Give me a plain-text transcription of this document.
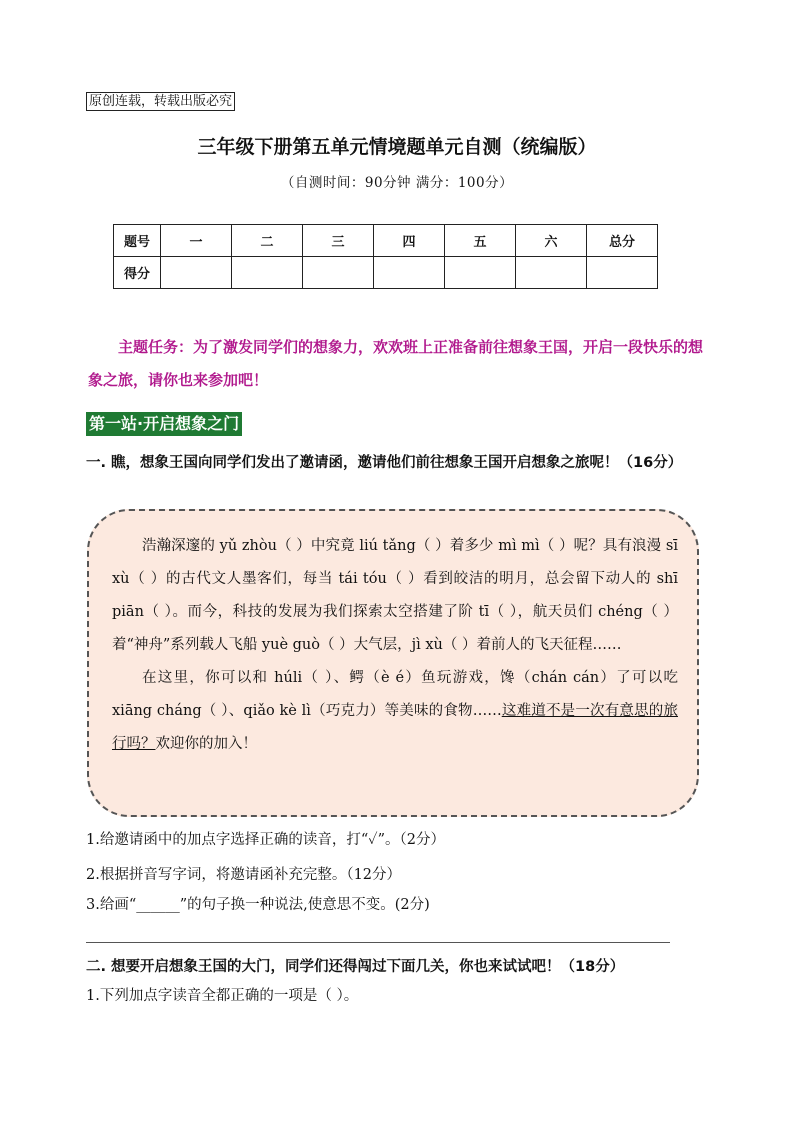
原创连载，转载出版必究
三年级下册第五单元情境题单元自测（统编版）
（自测时间：90分钟 满分：100分）
题号	一	二	三	四	五	六	总分
得分							
主题任务：为了激发同学们的想象力，欢欢班上正准备前往想象王国，开启一段快乐的想象之旅，请你也来参加吧！
第一站·开启想象之门
一. 瞧，想象王国向同学们发出了邀请函，邀请他们前往想象王国开启想象之旅呢！（16分）

浩瀚深邃的 yǔ zhòu（ ）中究竟 liú tǎng（ ）着多少 mì mì（ ）呢？具有浪漫 sī xù（ ）的古代文人墨客们，每当 tái tóu（ ）看到皎洁的明月，总会留下动人的 shī piān（ ）。而今，科技的发展为我们探索太空搭建了阶 tī（ ），航天员们 chéng（ ）着“神舟”系列载人飞船 yuè guò（ ）大气层，jì xù（ ）着前人的飞天征程……

在这里，你可以和 húli（ ）、鳄（è é）鱼玩游戏，馋（chán cán）了可以吃 xiāng cháng（ ）、qiǎo kè lì（巧克力）等美味的食物……这难道不是一次有意思的旅行吗？欢迎你的加入！

1.给邀请函中的加点字选择正确的读音，打“✓”。（2分）
2.根据拼音写字词，将邀请函补充完整。（12分）
3.给画“______”的句子换一种说法,使意思不变。(2分)
二. 想要开启想象王国的大门，同学们还得闯过下面几关，你也来试试吧！（18分）
1.下列加点字读音全都正确的一项是（ ）。
